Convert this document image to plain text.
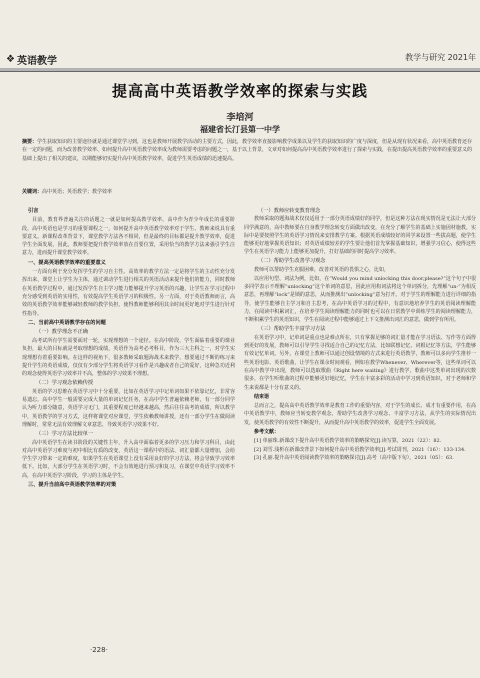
❖ 英语教学	教学与研究 2021年
提高高中英语教学效率的探索与实践
李培河
福建省长汀县第一中学
摘要：学生获取知识的主要途径就是通过课堂学习到，这也是教师开展教学活动的主要方式，因此，教学效率直接影响教学成果以及学生的获取知识的广度与深度，但是从现有状况来看，高中英语教育还存在一定的问题，而为改善教学效率、如何提升高中英语教学效率成为教师需要考虑的问题之一，基于以上背景，文章对如何提高高中英语教学效率进行了探索与实践，在提出提高英语教学效率的重要意义的基础上提出了相关的建议，以期能够切实提升高中英语教学效率，促进学生英语成绩的迅速提高。
关键词：高中英语；英语教学；教学效率

引言

目前，教育界普遍关注的话题之一就是如何提高教学效率。高中作为青少年成长的重要阶段，高中英语也是学习的重要课程之一，如何提升高中英语教学效率对于学生、教师来说具有重要意义。新课程改革背景下，课堂教学方法各不相同，但是最终的目标都是提升教学效率，促进学生全面发展，因此，教师要把提升教学效率放在首要位置，采用恰当的教学方法来强引学生注意力，进而提升课堂教学效率。

一、提高英语教学效率的重要意义

一方面有利于充分发挥学生的学习自主性。高效率的教学方法一定是将学生的主动性充分发挥出来，课堂上让学生为主体，通过调动学生进行相关的英语活动来提升他们的能力，同时教师在英语教学过程中，通过发挥学生自主学习能力能够提升学习英语的兴趣，让学生在学习过程中充分感受到英语的实用性，有效提高学生英语学习的积极性。另一方面，对于英语教师而言，高效的英语教学效率能够减轻教师的教学负担，使得教师能够利用其余时间更好地对学生进行针对性指导。

二、当前高中英语教学存在的问题

（一）教学理念不正确

高考试所有学生需要面对一轮，实现理想的一个途径。在高中阶段，学生面临着重要的课业负担，最大的目标就是考取理想的成绩，英语作为高考必考科目，作为三大主科之一，对学生实现理想有着重要影响。在这样的视角下，很多教师采取题海战术来教学，想要通过不断的练习来提升学生的英语成绩，仅仅有少部分学生将英语学习看作是兴趣或者自己的爱好，这种急功近利的观念使得英语学习效率并不高，整体的学习效果不理想。

（二）学习观念依赖传授

英语的学习思维在英语学习中十分重要，比如在英语学习中记单词如果不依靠记忆，非常容易遗忘，高中学生一般需要完成大量的单词记忆任务，在高中学生普遍依赖老师，有一部分同学认为听力部分随意，英语学习无门，其重要程度已经越来越高，然后往往高考的成绩，所以教学中，英语教学的学习方式，这样将课堂对应课堂，学生依赖教师讲授，还有一部分学生在做阅读理解时，常常无法有效理解文章意思，导致英语学习效果不好。

（三）学习方法比较单一

高中英语学生在读书阶段的关键性主年，升入高中面临着更多的学习压力和学习科目，由此对高中英语学习难度与初中相比有质的改变，英语这一课程中的语法、词汇量都大量增加，会给学生学习带来一定的难度，如果学生在英语课堂上没有采用良好的学习方法，将会导致学习效率低下。比如，大部分学生在英语学习时，不会有效地进行预习和复习，在课堂中英语学习效率不高，在高中英语学习阶段，学习的主体是学生。

三、提升当前高中英语教学效率的对策

（一）教师应转变教育理念

教师采取的题海战术仅仅适用于一部分英语成绩好的同学，但是这种方法在现实情况是无法让大部分同学满意的，高中教师要在自身教学理念转变方面做出改变，在充分了解学生的基础上实施因材施教，实际中是要按照学生的英语学习情况来安排教学方案。根据英语成绩较好的同学来设置一些拔高题，使学生能够更好地掌握英语知识；对英语成绩较差的学生要让他们首先掌握基础知识，增强学习信心，使得这些学生在英语学习能力上能够更加提升，打好基础的同时提高学习效率。

（二）帮助学生改善学习观念

教师可以帮助学生克服困难，改善对英语的畏惧之心，比如，

以应用句型、词法为例，比如，在“Would you mind unlocking this door,please?”这个句子中很多同学表示不理解“unlocking”这个单词的意思，因此应用构词法将这个单词拆分，先理解“un-”为相反意思，再理解“lock”是锁的意思，从而推测出“unlocking”意为打开。对于学生的理解能力进行详细的指导，使学生能够自主学习和自主思考，在高中英语学习的过程中，有意识地培养学生的英语阅读理解能力，在阅读中积累词汇，在培养学生阅读理解能力的同时也可以在日常教学中训练学生的阅读理解能力，不断积累学生的英语知识，学生在阅读过程中能够通过上下文推测出词汇的意思，做到学有所用。

（三）帮助学生丰富学习方法

在英语学习中，记单词是重点也是难点所在，只有掌握足够的词汇量才能在学习语法、写作等方面得到更好的发展，教师可以引导学生寻找适合自己的记忆方法，比如联想记忆、词根记忆等方法，学生能够有效记忆单词。另外，在课堂上教师可以通过创设情境的方式来进行英语教学，教师可以多向学生推荐一些英语电影、英语歌曲，让学生在课余时间观看，例如在教学Whenever、Wherever等，这些单词可以在高中教学中出现，教师可以选取歌曲《Right here waiting》进行教学，歌曲中这类单词出现的次数很多，在学生听歌曲的过程中能够更好地记忆，学生在丰富多彩的活动中学习到英语知识，对于老师和学生来说都是十分有意义的。

结束语

总而言之，提高高中英语教学效率是教育工作的重要内容，对于学生的成长、成才有重要作用，在高中英语教学中，教师应当转变教学观念，帮助学生改善学习观念、丰富学习方法，从学生的实际情况出发，使英语教学的有效性不断提升，从而提升高中英语教学的效率，促进学生全面发展。

参考文献：

[1] 单丽珠.新课改下提升高中英语教学效率的策略探究[J].读写算，2021（22）：82.

[2] 刘雪.浅析在新课改背景下如何提升高中英语教学效率[J].考试周刊，2021（16）：133-134.

[3] 孔丽.提升高中英语阅读教学效率的策略探讨[J].高考（高中版下旬），2021（05）：63.

·228·
